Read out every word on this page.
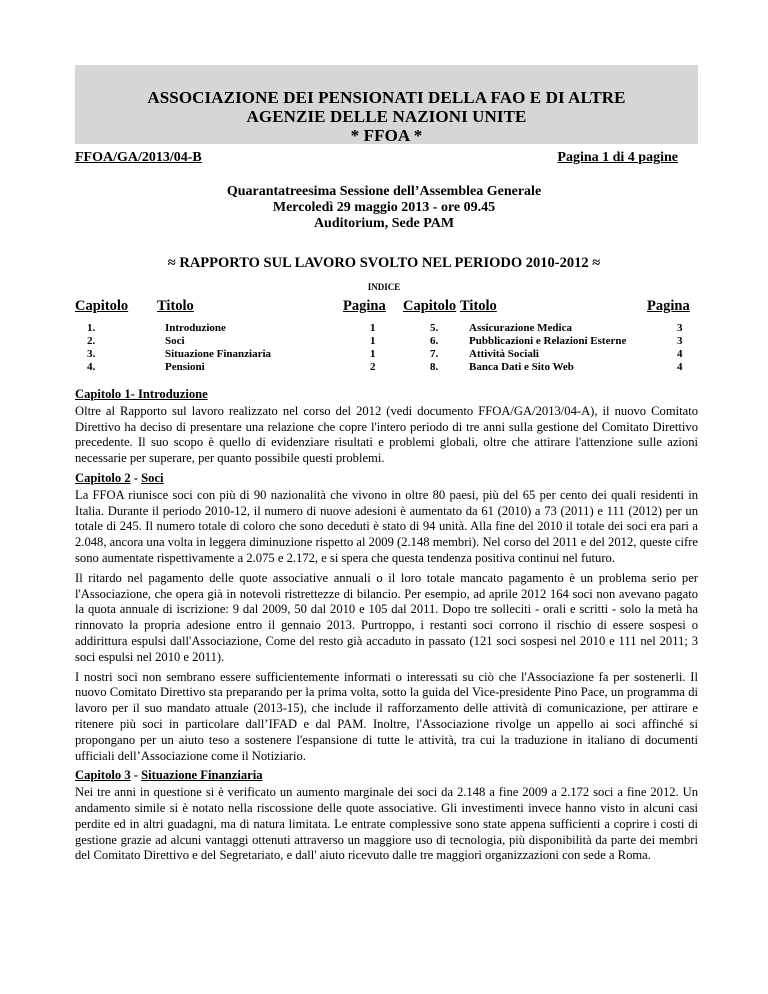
ASSOCIAZIONE DEI PENSIONATI DELLA FAO E DI ALTRE
AGENZIE DELLE NAZIONI UNITE
* FFOA *
FFOA/GA/2013/04-B	Pagina 1 di 4 pagine
Quarantatreesima Sessione dell’Assemblea Generale
Mercoledì 29 maggio 2013 - ore 09.45
Auditorium, Sede PAM
≈ RAPPORTO SUL LAVORO SVOLTO NEL PERIODO 2010-2012 ≈
INDICE
Capitolo Titolo	Pagina Capitolo Titolo	Pagina
1.	Introduzione	1	5.	Assicurazione Medica	3
2.	Soci	1	6.	Pubblicazioni e Relazioni Esterne	3
3.	Situazione Finanziaria	1	7.	Attività Sociali	4
4.	Pensioni	2	8.	Banca Dati e Sito Web	4
Capitolo 1- Introduzione

Oltre al Rapporto sul lavoro realizzato nel corso del 2012 (vedi documento FFOA/GA/2013/04-A), il nuovo Comitato Direttivo ha deciso di presentare una relazione che copre l'intero periodo di tre anni sulla gestione del Comitato Direttivo precedente. Il suo scopo è quello di evidenziare risultati e problemi globali, oltre che attirare l'attenzione sulle azioni necessarie per superare, per quanto possibile questi problemi.

Capitolo 2 - Soci

La FFOA riunisce soci con più di 90 nazionalità che vivono in oltre 80 paesi, più del 65 per cento dei quali residenti in Italia. Durante il periodo 2010-12, il numero di nuove adesioni è aumentato da 61 (2010) a 73 (2011) e 111 (2012) per un totale di 245. Il numero totale di coloro che sono deceduti è stato di 94 unità. Alla fine del 2010 il totale dei soci era pari a 2.048, ancora una volta in leggera diminuzione rispetto al 2009 (2.148 membri). Nel corso del 2011 e del 2012, queste cifre sono aumentate rispettivamente a 2.075 e 2.172, e si spera che questa tendenza positiva continui nel futuro.

Il ritardo nel pagamento delle quote associative annuali o il loro totale mancato pagamento è un problema serio per l'Associazione, che opera già in notevoli ristrettezze di bilancio. Per esempio, ad aprile 2012 164 soci non avevano pagato la quota annuale di iscrizione: 9 dal 2009, 50 dal 2010 e 105 dal 2011. Dopo tre solleciti - orali e scritti - solo la metà ha rinnovato la propria adesione entro il gennaio 2013. Purtroppo, i restanti soci corrono il rischio di essere sospesi o addirittura espulsi dall'Associazione, Come del resto già accaduto in passato (121 soci sospesi nel 2010 e 111 nel 2011; 3 soci espulsi nel 2010 e 2011).

I nostri soci non sembrano essere sufficientemente informati o interessati su ciò che l'Associazione fa per sostenerli. Il nuovo Comitato Direttivo sta preparando per la prima volta, sotto la guida del Vice-presidente Pino Pace, un programma di lavoro per il suo mandato attuale (2013-15), che include il rafforzamento delle attività di comunicazione, per attirare e ritenere più soci in particolare dall’IFAD e dal PAM. Inoltre, l'Associazione rivolge un appello ai soci affinché si propongano per un aiuto teso a sostenere l'espansione di tutte le attività, tra cui la traduzione in italiano di documenti ufficiali dell’Associazione come il Notiziario.

Capitolo 3 - Situazione Finanziaria

Nei tre anni in questione si è verificato un aumento marginale dei soci da 2.148 a fine 2009 a 2.172 soci a fine 2012. Un andamento simile si è notato nella riscossione delle quote associative. Gli investimenti invece hanno visto in alcuni casi perdite ed in altri guadagni, ma di natura limitata. Le entrate complessive sono state appena sufficienti a coprire i costi di gestione grazie ad alcuni vantaggi ottenuti attraverso un maggiore uso di tecnologia, più disponibilità da parte dei membri del Comitato Direttivo e del Segretariato, e dall' aiuto ricevuto dalle tre maggiori organizzazioni con sede a Roma.
